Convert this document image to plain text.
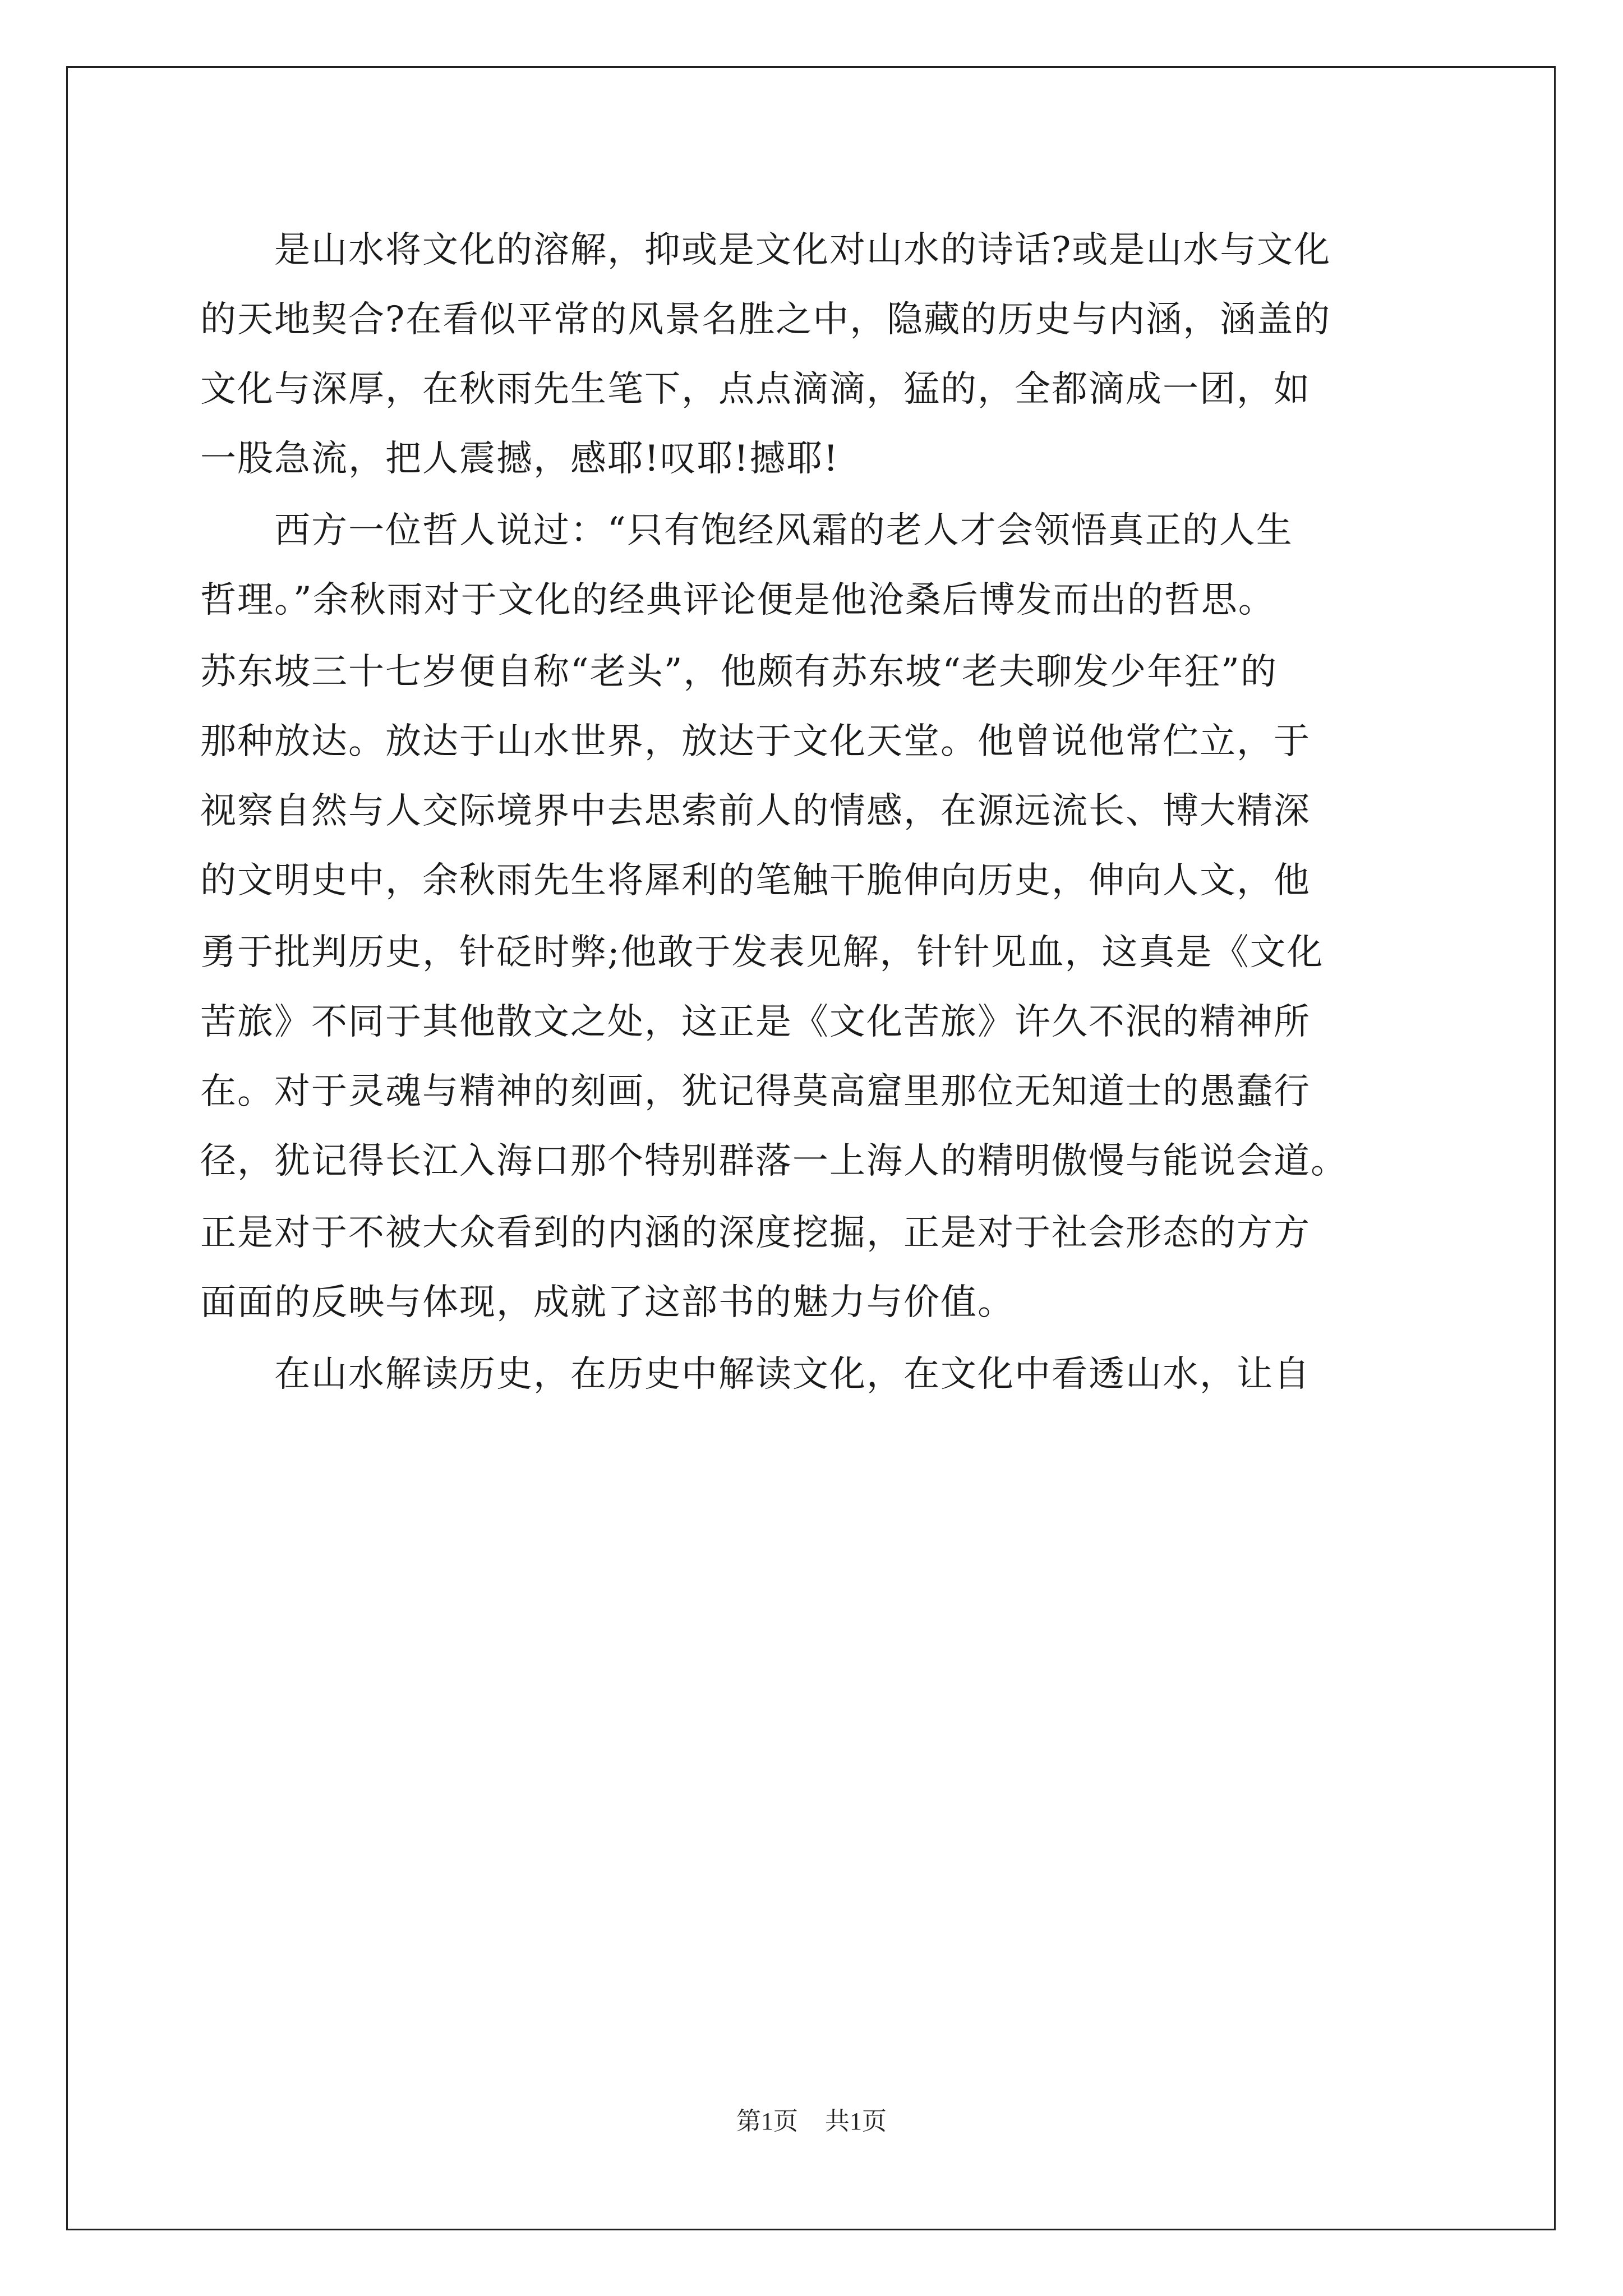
是山水将文化的溶解，抑或是文化对山水的诗话?或是山水与文化
的天地契合?在看似平常的风景名胜之中，隐藏的历史与内涵，涵盖的
文化与深厚，在秋雨先生笔下，点点滴滴，猛的，全都滴成一团，如
一股急流，把人震撼，感耶!叹耶!撼耶!
西方一位哲人说过：“只有饱经风霜的老人才会领悟真正的人生
哲理。”余秋雨对于文化的经典评论便是他沧桑后博发而出的哲思。
苏东坡三十七岁便自称“老头”，他颇有苏东坡“老夫聊发少年狂”的
那种放达。放达于山水世界，放达于文化天堂。他曾说他常伫立，于
视察自然与人交际境界中去思索前人的情感，在源远流长、博大精深
的文明史中，余秋雨先生将犀利的笔触干脆伸向历史，伸向人文，他
勇于批判历史，针砭时弊;他敢于发表见解，针针见血，这真是《文化
苦旅》不同于其他散文之处，这正是《文化苦旅》许久不泯的精神所
在。对于灵魂与精神的刻画，犹记得莫高窟里那位无知道士的愚蠢行
径，犹记得长江入海口那个特别群落一上海人的精明傲慢与能说会道。
正是对于不被大众看到的内涵的深度挖掘，正是对于社会形态的方方
面面的反映与体现，成就了这部书的魅力与价值。
在山水解读历史，在历史中解读文化，在文化中看透山水，让自
第1页 共1页
